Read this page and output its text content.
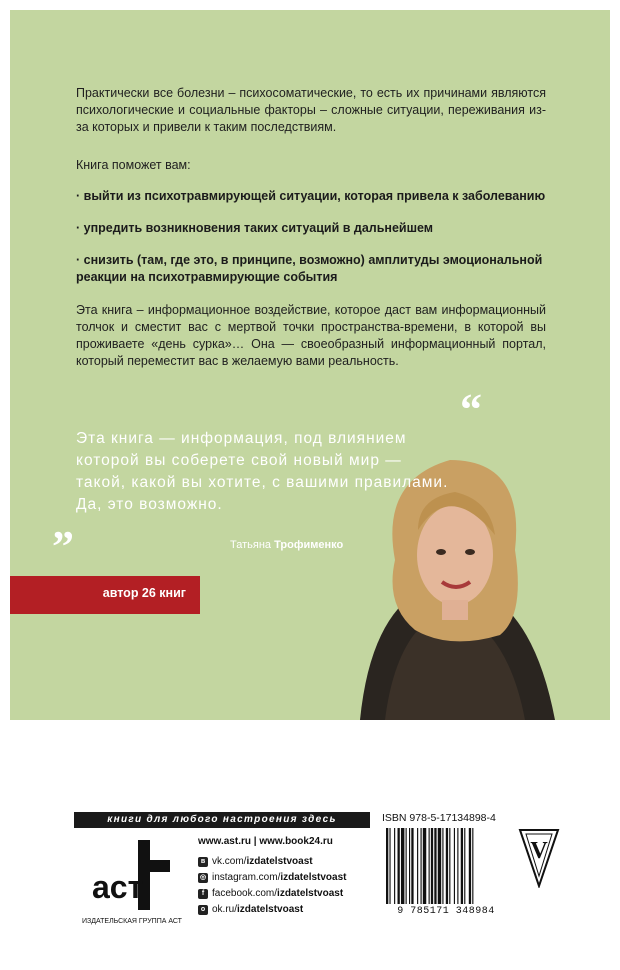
Практически все болезни – психосоматические, то есть их причинами являются психологические и социальные факторы – сложные ситуации, переживания из-за которых и привели к таким последствиям.

Книга поможет вам:

· выйти из психотравмирующей ситуации, которая привела к заболеванию

· упредить возникновения таких ситуаций в дальнейшем

· снизить (там, где это, в принципе, возможно) амплитуды эмоциональной реакции на психотравмирующие события

Эта книга – информационное воздействие, которое даст вам информационный толчок и сместит вас с мертвой точки пространства-времени, в которой вы проживаете «день сурка»… Она — своеобразный информационный портал, который переместит вас в желаемую вами реальность.

“

Эта книга — информация, под влиянием которой вы соберете свой новый мир — такой, какой вы хотите, с вашими правилами. Да, это возможно.

Татьяна Трофименко
”
автор 26 книг
книги для любого настроения здесь	ISBN 978-5-17134898-4
аст
ИЗДАТЕЛЬСКАЯ ГРУППА АСТ
www.ast.ru | www.book24.ru
в vk.com/ izdatelstvoast
◎ instagram.com/ izdatelstvoast
f facebook.com/ izdatelstvoast
о ok.ru/ izdatelstvoast	9 785171 348984
V
